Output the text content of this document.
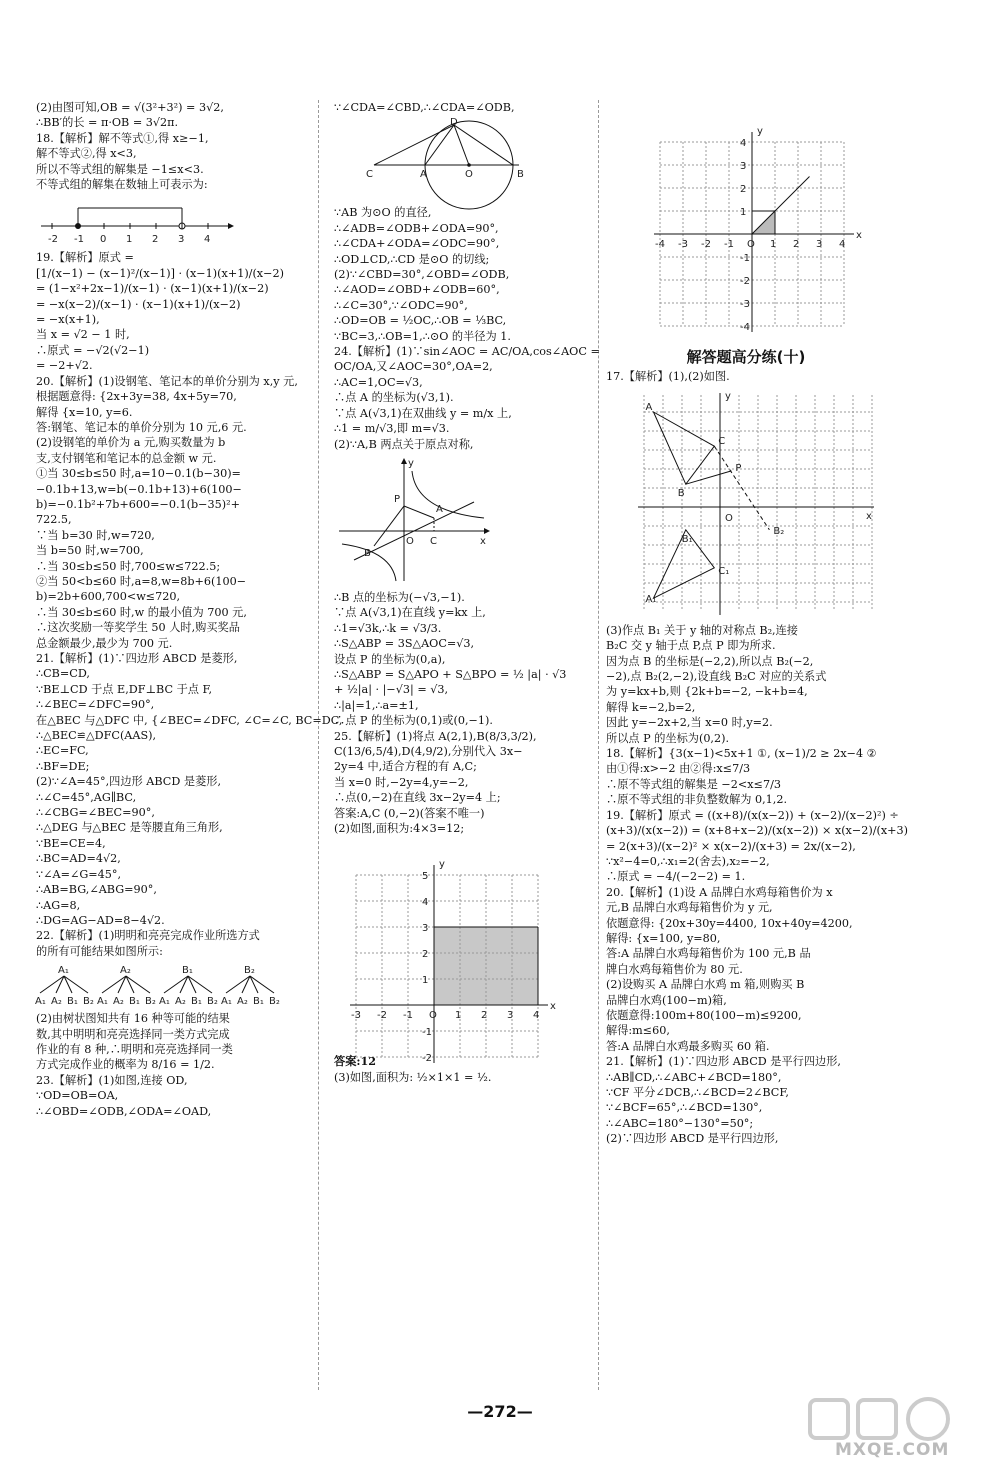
(2)由图可知,OB = √(3²+3²) = 3√2,
∴BB′的长 = π·OB = 3√2π.
18.【解析】解不等式①,得 x≥−1,
解不等式②,得 x<3,
所以不等式组的解集是 −1≤x<3.
不等式组的解集在数轴上可表示为:
-2 -1 0 1 2 3 4
19.【解析】原式 =
[1/(x−1) − (x−1)²/(x−1)] · (x−1)(x+1)/(x−2)
= (1−x²+2x−1)/(x−1) · (x−1)(x+1)/(x−2)
= −x(x−2)/(x−1) · (x−1)(x+1)/(x−2)
= −x(x+1),
当 x = √2 − 1 时,
∴原式 = −√2(√2−1)
= −2+√2.
20.【解析】(1)设钢笔、笔记本的单价分别为 x,y 元,
根据题意得: {2x+3y=38, 4x+5y=70,
解得 {x=10, y=6.
答:钢笔、笔记本的单价分别为 10 元,6 元.
(2)设钢笔的单价为 a 元,购买数量为 b
支,支付钢笔和笔记本的总金额 w 元.
①当 30≤b≤50 时,a=10−0.1(b−30)=
−0.1b+13,w=b(−0.1b+13)+6(100−
b)=−0.1b²+7b+600=−0.1(b−35)²+
722.5,
∵当 b=30 时,w=720,
当 b=50 时,w=700,
∴当 30≤b≤50 时,700≤w≤722.5;
②当 50<b≤60 时,a=8,w=8b+6(100−
b)=2b+600,700<w≤720,
∴当 30≤b≤60 时,w 的最小值为 700 元,
∴这次奖励一等奖学生 50 人时,购买奖品
总金额最少,最少为 700 元.
21.【解析】(1)∵四边形 ABCD 是菱形,
∴CB=CD,
∵BE⊥CD 于点 E,DF⊥BC 于点 F,
∴∠BEC=∠DFC=90°,
在△BEC 与△DFC 中, {∠BEC=∠DFC, ∠C=∠C, BC=DC,
∴△BEC≌△DFC(AAS),
∴EC=FC,
∴BF=DE;
(2)∵∠A=45°,四边形 ABCD 是菱形,
∴∠C=45°,AG∥BC,
∴∠CBG=∠BEC=90°,
∴△DEG 与△BEC 是等腰直角三角形,
∵BE=CE=4,
∴BC=AD=4√2,
∵∠A=∠G=45°,
∴AB=BG,∠ABG=90°,
∴AG=8,
∴DG=AG−AD=8−4√2.
22.【解析】(1)明明和亮亮完成作业所选方式
的所有可能结果如图所示:
A₁
A₁ A₂ B₁ B₂
A₂
A₁ A₂ B₁ B₂
B₁
A₁ A₂ B₁ B₂
B₂
A₁ A₂ B₁ B₂
(2)由树状图知共有 16 种等可能的结果
数,其中明明和亮亮选择同一类方式完成
作业的有 8 种,∴明明和亮亮选择同一类
方式完成作业的概率为 8/16 = 1/2.
23.【解析】(1)如图,连接 OD,
∵OD=OB=OA,
∴∠OBD=∠ODB,∠ODA=∠OAD,
∵∠CDA=∠CBD,∴∠CDA=∠ODB,
D
C	A	O	B
∵AB 为⊙O 的直径,
∴∠ADB=∠ODB+∠ODA=90°,
∴∠CDA+∠ODA=∠ODC=90°,
∴OD⊥CD,∴CD 是⊙O 的切线;
(2)∵∠CBD=30°,∠OBD=∠ODB,
∴∠AOD=∠OBD+∠ODB=60°,
∴∠C=30°,∵∠ODC=90°,
∴OD=OB = ½OC,∴OB = ⅓BC,
∵BC=3,∴OB=1,∴⊙O 的半径为 1.
24.【解析】(1)∵sin∠AOC = AC/OA,cos∠AOC =
OC/OA,又∠AOC=30°,OA=2,
∴AC=1,OC=√3,
∴点 A 的坐标为(√3,1).
∵点 A(√3,1)在双曲线 y = m/x 上,
∴1 = m/√3,即 m=√3.
(2)∵A,B 两点关于原点对称,
y
P
A
O C	x
B
∴B 点的坐标为(−√3,−1).
∵点 A(√3,1)在直线 y=kx 上,
∴1=√3k,∴k = √3/3.
∴S△ABP = 3S△AOC=√3,
设点 P 的坐标为(0,a),
∴S△ABP = S△APO + S△BPO = ½ |a| · √3
+ ½|a| · |−√3| = √3,
∴|a|=1,∴a=±1,
∴点 P 的坐标为(0,1)或(0,−1).
25.【解析】(1)将点 A(2,1),B(8/3,3/2),
C(13/6,5/4),D(4,9/2),分别代入 3x−
2y=4 中,适合方程的有 A,C;
当 x=0 时,−2y=4,y=−2,
∴点(0,−2)在直线 3x−2y=4 上;
答案:A,C (0,−2)(答案不唯一)
(2)如图,面积为:4×3=12;
x
y
-3 -2 -1 O 1 2 3 4
5
4
3
2
1
-1
-2
答案:12
(3)如图,面积为: ½×1×1 = ½.
x
y
-4 -3 -2 -1 O 1 2 3 4
4
3
2
1
-1
-2
-3
-4
解答题高分练(十)
17.【解析】(1),(2)如图.
y
A
C
P
B
O	x
B₂
B₁
C₁
A₁
(3)作点 B₁ 关于 y 轴的对称点 B₂,连接
B₂C 交 y 轴于点 P,点 P 即为所求.
因为点 B 的坐标是(−2,2),所以点 B₂(−2,
−2),点 B₂(2,−2),设直线 B₂C 对应的关系式
为 y=kx+b,则 {2k+b=−2, −k+b=4,
解得 k=−2,b=2,
因此 y=−2x+2,当 x=0 时,y=2.
所以点 P 的坐标为(0,2).
18.【解析】{3(x−1)<5x+1 ①, (x−1)/2 ≥ 2x−4 ②
由①得:x>−2 由②得:x≤7/3
∴原不等式组的解集是 −2<x≤7/3
∴原不等式组的非负整数解为 0,1,2.
19.【解析】原式 = ((x+8)/(x(x−2)) + (x−2)/(x−2)²) ÷
(x+3)/(x(x−2)) = (x+8+x−2)/(x(x−2)) × x(x−2)/(x+3)
= 2(x+3)/(x−2)² × x(x−2)/(x+3) = 2x/(x−2),
∵x²−4=0,∴x₁=2(舍去),x₂=−2,
∴原式 = −4/(−2−2) = 1.
20.【解析】(1)设 A 品牌白水鸡每箱售价为 x
元,B 品牌白水鸡每箱售价为 y 元,
依题意得: {20x+30y=4400, 10x+40y=4200,
解得: {x=100, y=80,
答:A 品牌白水鸡每箱售价为 100 元,B 品
牌白水鸡每箱售价为 80 元.
(2)设购买 A 品牌白水鸡 m 箱,则购买 B
品牌白水鸡(100−m)箱,
依题意得:100m+80(100−m)≤9200,
解得:m≤60,
答:A 品牌白水鸡最多购买 60 箱.
21.【解析】(1)∵四边形 ABCD 是平行四边形,
∴AB∥CD,∴∠ABC+∠BCD=180°,
∵CF 平分∠DCB,∴∠BCD=2∠BCF,
∵∠BCF=65°,∴∠BCD=130°,
∴∠ABC=180°−130°=50°;
(2)∵四边形 ABCD 是平行四边形,
—272—
MXQE.COM
